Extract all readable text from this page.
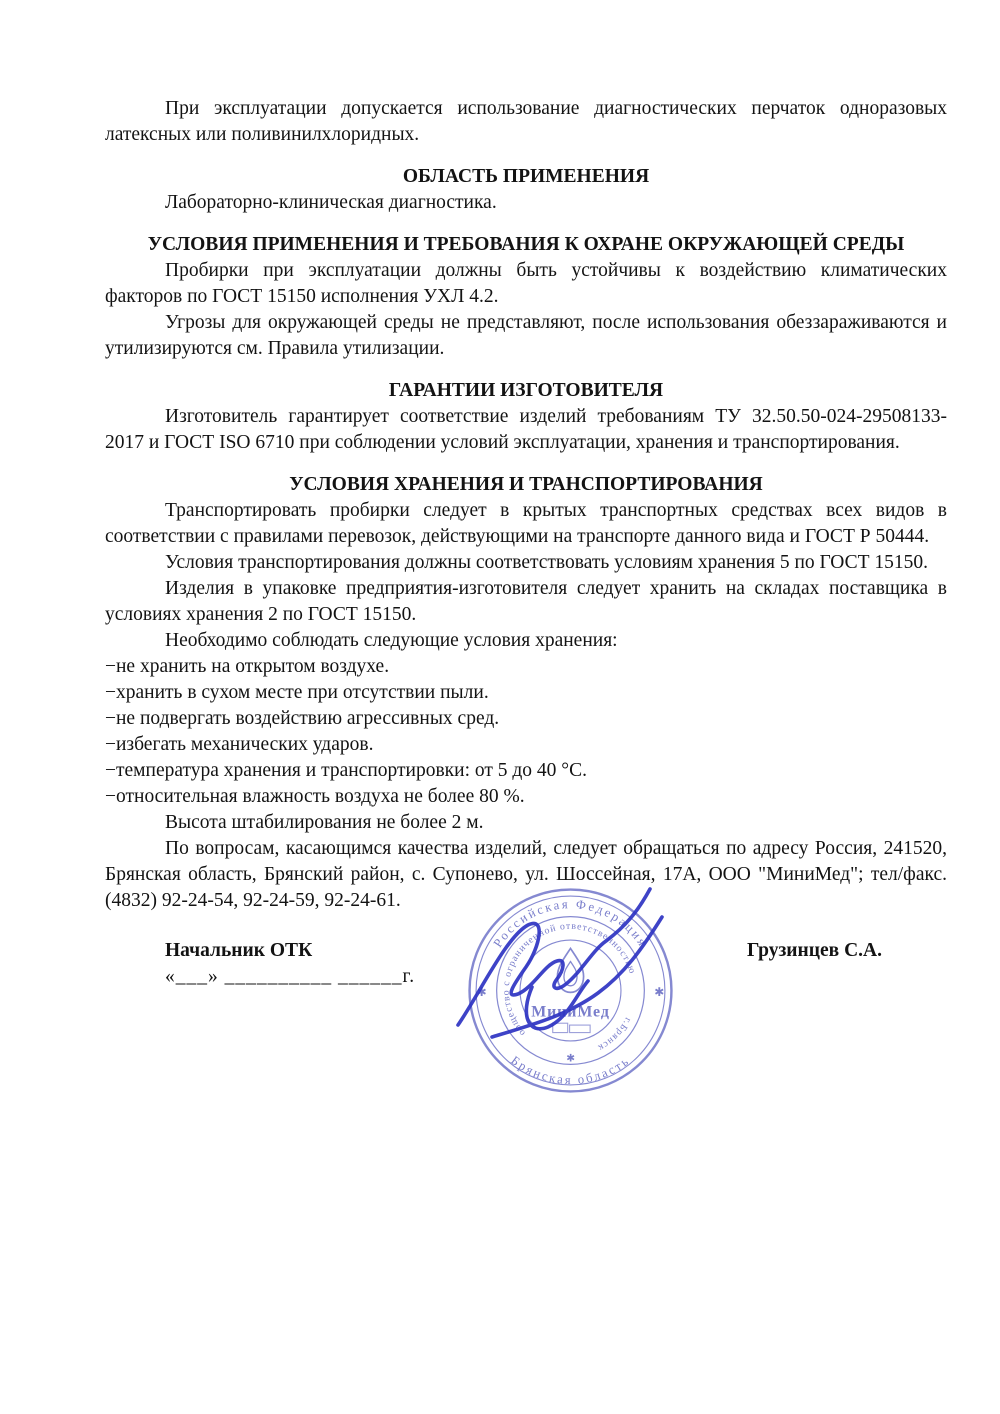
При эксплуатации допускается использование диагностических перчаток одноразовых латексных или поливинилхлоридных.

ОБЛАСТЬ ПРИМЕНЕНИЯ

Лабораторно-клиническая диагностика.

УСЛОВИЯ ПРИМЕНЕНИЯ И ТРЕБОВАНИЯ К ОХРАНЕ ОКРУЖАЮЩЕЙ СРЕДЫ

Пробирки при эксплуатации должны быть устойчивы к воздействию климатических факторов по ГОСТ 15150 исполнения УХЛ 4.2.

Угрозы для окружающей среды не представляют, после использования обеззараживаются и утилизируются см. Правила утилизации.

ГАРАНТИИ ИЗГОТОВИТЕЛЯ

Изготовитель гарантирует соответствие изделий требованиям ТУ 32.50.50-024-29508133-2017 и ГОСТ ISO 6710 при соблюдении условий эксплуатации, хранения и транспортирования.

УСЛОВИЯ ХРАНЕНИЯ И ТРАНСПОРТИРОВАНИЯ

Транспортировать пробирки следует в крытых транспортных средствах всех видов в соответствии с правилами перевозок, действующими на транспорте данного вида и ГОСТ Р 50444.

Условия транспортирования должны соответствовать условиям хранения 5 по ГОСТ 15150.

Изделия в упаковке предприятия-изготовителя следует хранить на складах поставщика в условиях хранения 2 по ГОСТ 15150.

Необходимо соблюдать следующие условия хранения:

−не хранить на открытом воздухе.
−хранить в сухом месте при отсутствии пыли.
−не подвергать воздействию агрессивных сред.
−избегать механических ударов.
−температура хранения и транспортировки: от 5 до 40 °С.
−относительная влажность воздуха не более 80 %.

Высота штабилирования не более 2 м.

По вопросам, касающимся качества изделий, следует обращаться по адресу Россия, 241520, Брянская область, Брянский район, с. Супонево, ул. Шоссейная, 17А, ООО "МиниМед"; тел/факс. (4832) 92-24-54, 92-24-59, 92-24-61.

Начальник ОТК	Грузинцев С.А.

«___» __________ ______г.

Российская Федерация
Брянская область
общество с ограниченной ответственностью
г.Брянск
✱	✱
✱
МиниМед
